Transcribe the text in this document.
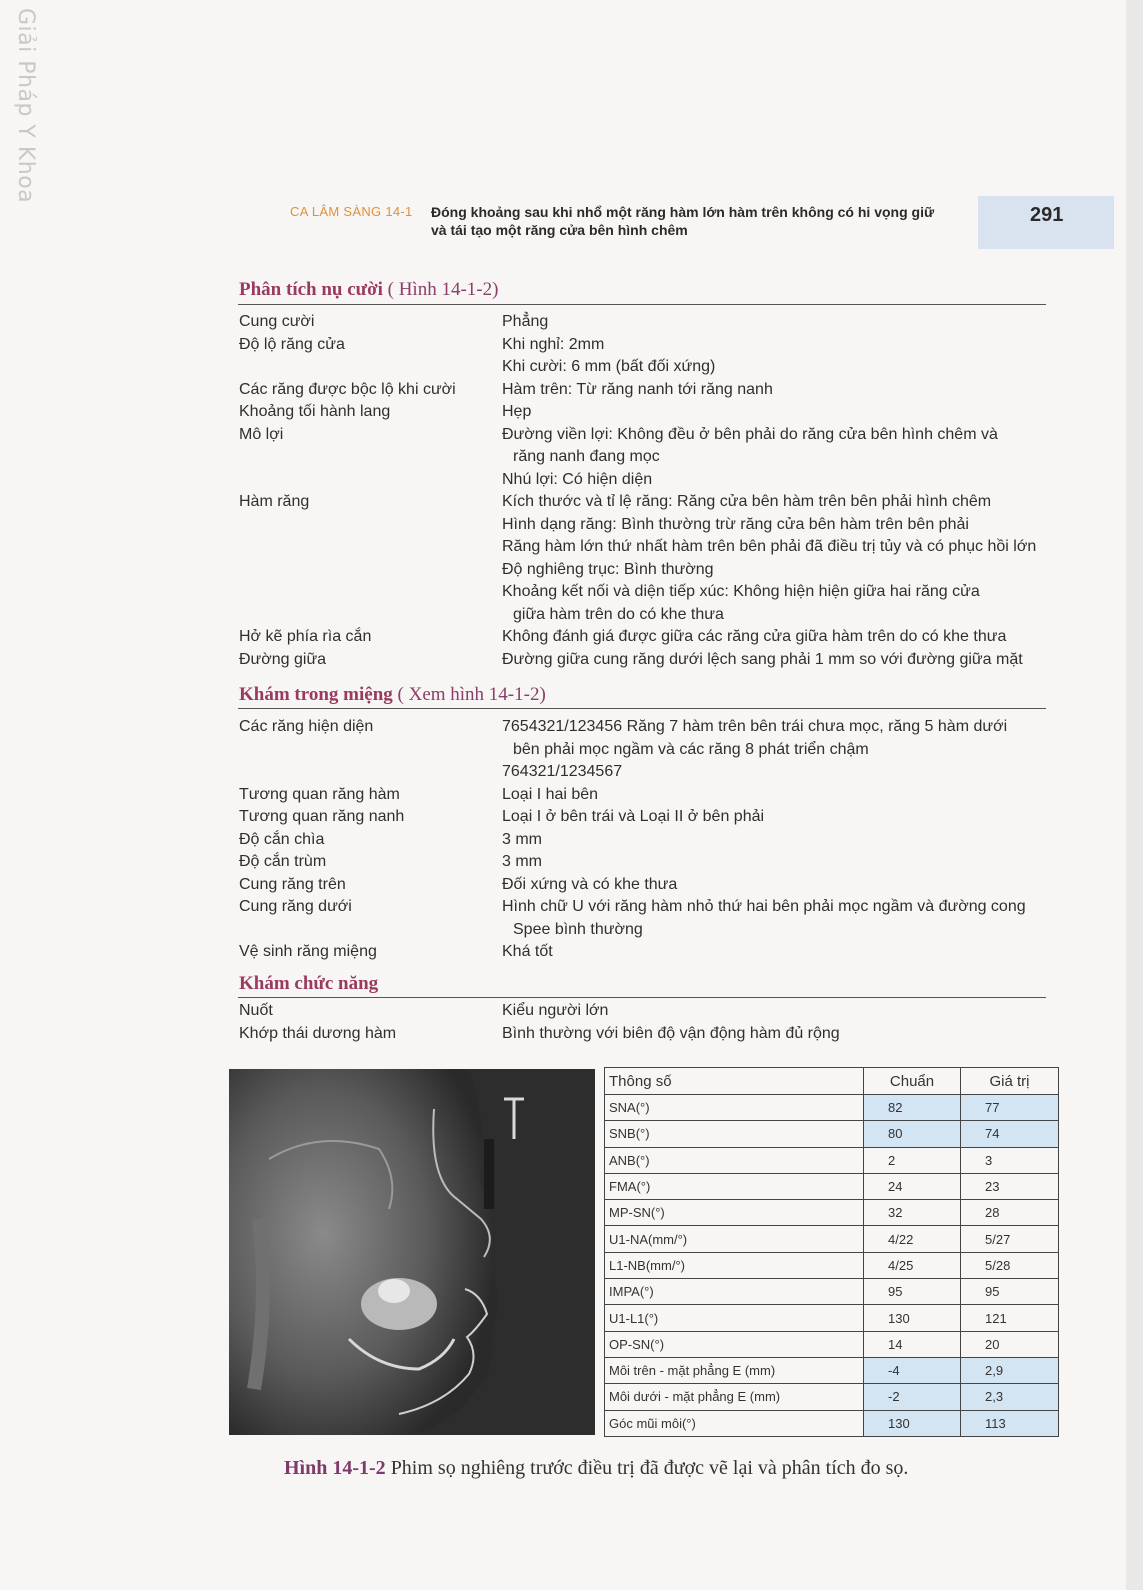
Giải Pháp Y Khoa
CA LÂM SÀNG 14-1 Đóng khoảng sau khi nhổ một răng hàm lớn hàm trên không có hi vọng giữ
và tái tạo một răng cửa bên hình chêm
291
Phân tích nụ cười ( Hình 14-1-2)
Cung cười	Phẳng
Độ lộ răng cửa	Khi nghỉ: 2mm
Khi cười: 6 mm (bất đối xứng)
Các răng được bộc lộ khi cười	Hàm trên: Từ răng nanh tới răng nanh
Khoảng tối hành lang	Hẹp
Mô lợi	Đường viền lợi: Không đều ở bên phải do răng cửa bên hình chêm và
răng nanh đang mọc
Nhú lợi: Có hiện diện
Hàm răng	Kích thước và tỉ lệ răng: Răng cửa bên hàm trên bên phải hình chêm
Hình dạng răng: Bình thường trừ răng cửa bên hàm trên bên phải
Răng hàm lớn thứ nhất hàm trên bên phải đã điều trị tủy và có phục hồi lớn
Độ nghiêng trục: Bình thường
Khoảng kết nối và diện tiếp xúc: Không hiện hiện giữa hai răng cửa
giữa hàm trên do có khe thưa
Hở kẽ phía rìa cắn	Không đánh giá được giữa các răng cửa giữa hàm trên do có khe thưa
Đường giữa	Đường giữa cung răng dưới lệch sang phải 1 mm so với đường giữa mặt
Khám trong miệng ( Xem hình 14-1-2)
Các răng hiện diện	7654321/123456 Răng 7 hàm trên bên trái chưa mọc, răng 5 hàm dưới
bên phải mọc ngầm và các răng 8 phát triển chậm
764321/1234567
Tương quan răng hàm	Loại I hai bên
Tương quan răng nanh	Loại I ở bên trái và Loại II ở bên phải
Độ cắn chìa	3 mm
Độ cắn trùm	3 mm
Cung răng trên	Đối xứng và có khe thưa
Cung răng dưới	Hình chữ U với răng hàm nhỏ thứ hai bên phải mọc ngầm và đường cong
Spee bình thường
Vệ sinh răng miệng	Khá tốt
Khám chức năng
Nuốt	Kiểu người lớn
Khớp thái dương hàm	Bình thường với biên độ vận động hàm đủ rộng
Thông số	Chuẩn	Giá trị
SNA(°)	82	77
SNB(°)	80	74
ANB(°)	2	3
FMA(°)	24	23
MP-SN(°)	32	28
U1-NA(mm/°)	4/22	5/27
L1-NB(mm/°)	4/25	5/28
IMPA(°)	95	95
U1-L1(°)	130	121
OP-SN(°)	14	20
Môi trên - mặt phẳng E (mm)	-4	2,9
Môi dưới - mặt phẳng E (mm)	-2	2,3
Góc mũi môi(°)	130	113
Hình 14-1-2 Phim sọ nghiêng trước điều trị đã được vẽ lại và phân tích đo sọ.
